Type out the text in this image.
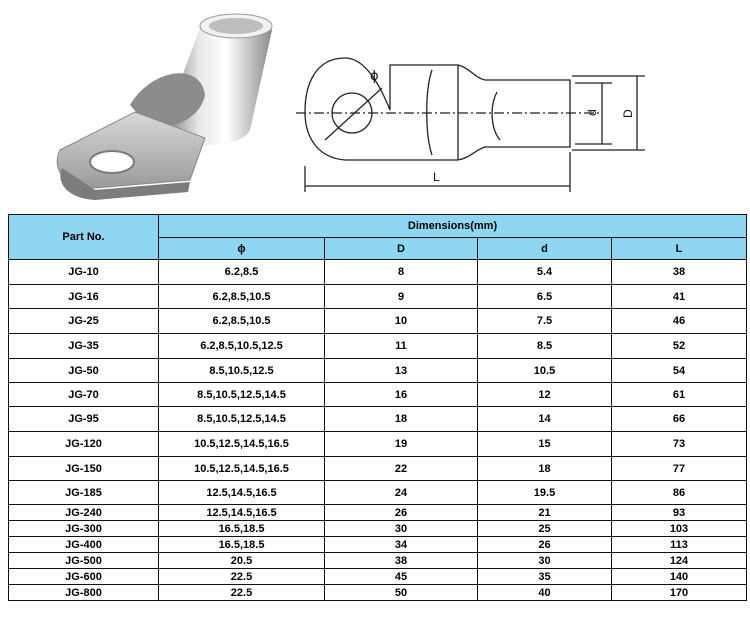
ϕ
d D
L
Part No.	Dimensions(mm)			
	ϕ	D	d	L
JG-10	6.2,8.5	8	5.4	38
JG-16	6.2,8.5,10.5	9	6.5	41
JG-25	6.2,8.5,10.5	10	7.5	46
JG-35	6.2,8.5,10.5,12.5	11	8.5	52
JG-50	8.5,10.5,12.5	13	10.5	54
JG-70	8.5,10.5,12.5,14.5	16	12	61
JG-95	8.5,10.5,12.5,14.5	18	14	66
JG-120	10.5,12.5,14.5,16.5	19	15	73
JG-150	10.5,12.5,14.5,16.5	22	18	77
JG-185	12.5,14.5,16.5	24	19.5	86
JG-240	12.5,14.5,16.5	26	21	93
JG-300	16.5,18.5	30	25	103
JG-400	16.5,18.5	34	26	113
JG-500	20.5	38	30	124
JG-600	22.5	45	35	140
JG-800	22.5	50	40	170
